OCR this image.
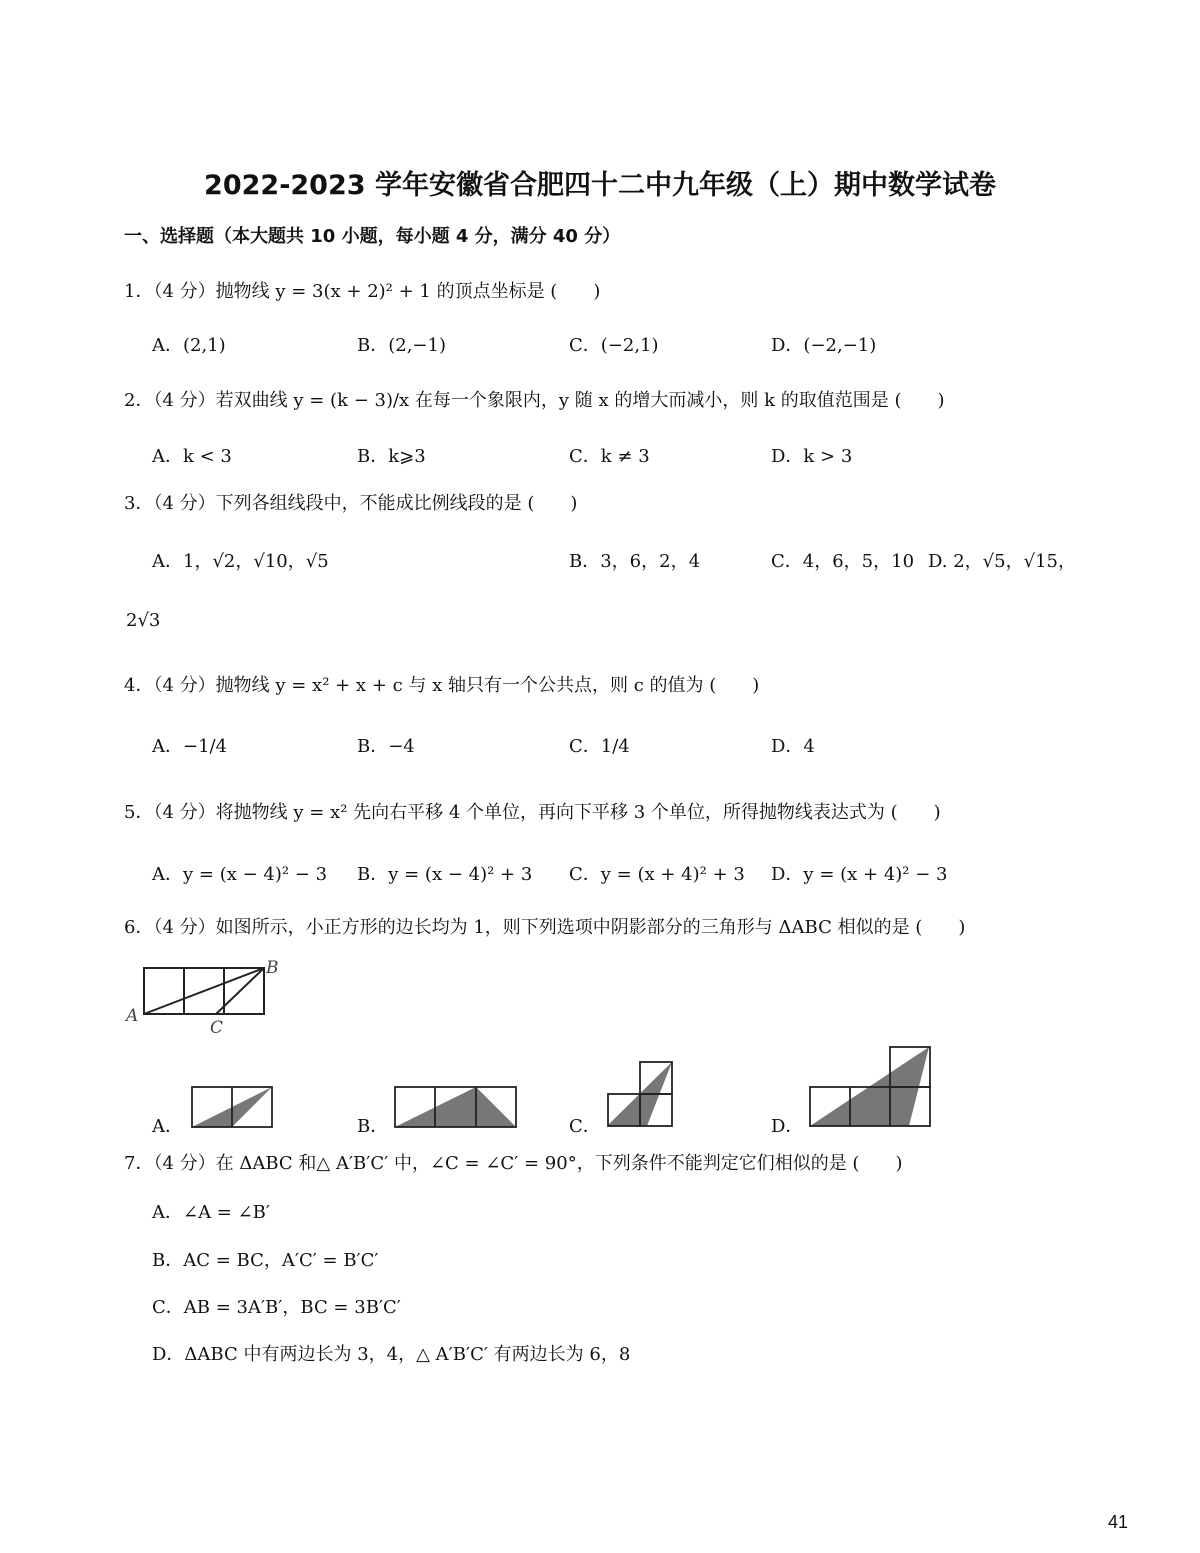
2022-2023 学年安徽省合肥四十二中九年级（上）期中数学试卷
一、选择题（本大题共 10 小题，每小题 4 分，满分 40 分）
1．（4 分）抛物线 y = 3(x + 2)² + 1 的顶点坐标是 (　　)
A．(2,1)	B．(2,−1)	C．(−2,1)	D．(−2,−1)
2．（4 分）若双曲线 y = (k − 3)/x 在每一个象限内，y 随 x 的增大而减小，则 k 的取值范围是 (　　)
A．k < 3	B．k⩾3	C．k ≠ 3	D．k > 3
3．（4 分）下列各组线段中，不能成比例线段的是 (　　)
A．1，√2，√10，√5	B．3，6，2，4	C．4，6，5，10 D. 2，√5，√15，
2√3
4．（4 分）抛物线 y = x² + x + c 与 x 轴只有一个公共点，则 c 的值为 (　　)
A．−1/4	B．−4	C．1/4	D．4
5．（4 分）将抛物线 y = x² 先向右平移 4 个单位，再向下平移 3 个单位，所得抛物线表达式为 (　　)
A．y = (x − 4)² − 3 B．y = (x − 4)² + 3 C．y = (x + 4)² + 3 D．y = (x + 4)² − 3
6．（4 分）如图所示，小正方形的边长均为 1，则下列选项中阴影部分的三角形与 ΔABC 相似的是 (　　)
A
B
C
A．	B．	C．	D．
7．（4 分）在 ΔABC 和△ A′B′C′ 中，∠C = ∠C′ = 90°，下列条件不能判定它们相似的是 (　　)
A．∠A = ∠B′
B．AC = BC，A′C′ = B′C′
C．AB = 3A′B′，BC = 3B′C′
D．ΔABC 中有两边长为 3，4，△ A′B′C′ 有两边长为 6，8
41
